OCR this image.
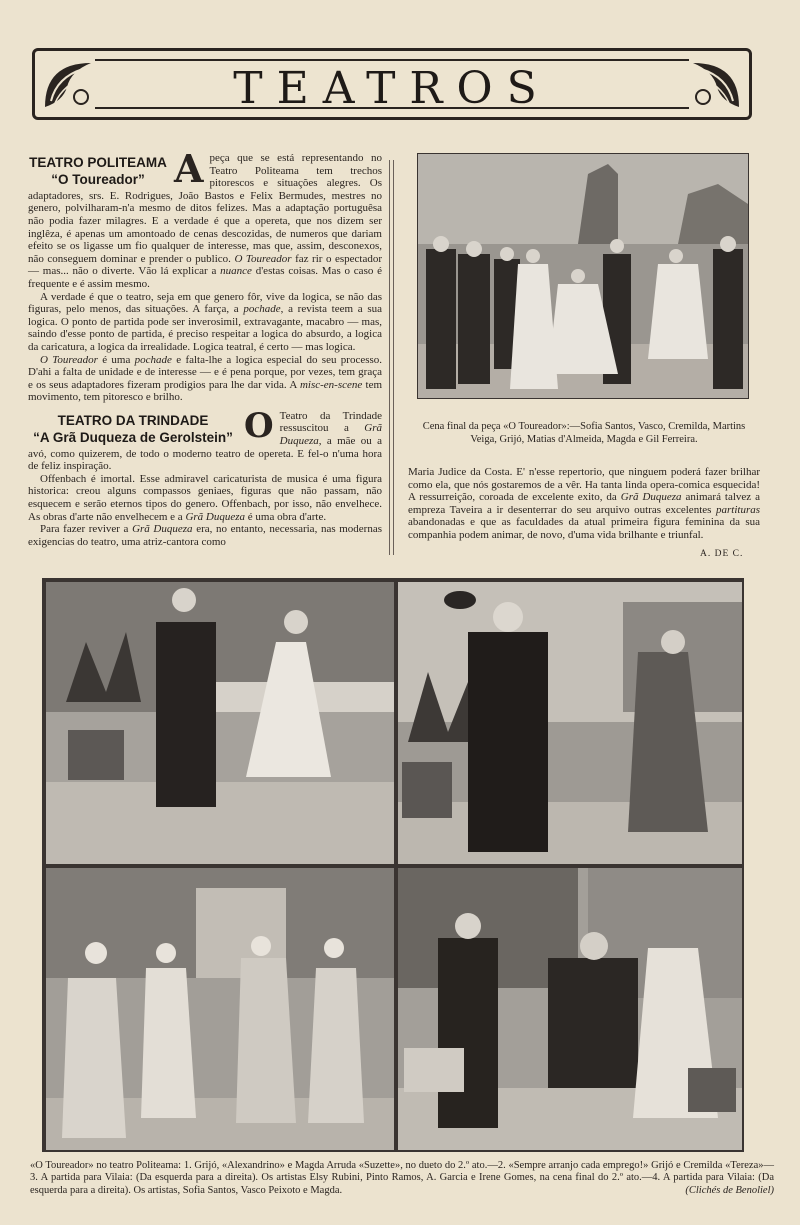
TEATROS
TEATRO POLITEAMA
“O Toureador” A peça que se está representando no Teatro Politeama tem trechos pitorescos e situações alegres. Os adaptadores, srs. E. Rodrigues, João Bastos e Felix Bermudes, mestres no genero, polvilharam-n'a mesmo de ditos felizes. Mas a adaptação portuguêsa não podia fazer milagres. E a verdade é que a opereta, que nos dizem ser inglêza, é apenas um amontoado de cenas descozidas, de numeros que dariam efeito se os ligasse um fio qualquer de interesse, mas que, assim, desconexos, não conseguem dominar e prender o publico. O Toureador faz rir o espectador — mas... não o diverte. Vão lá explicar a nuance d'estas coisas. Mas o caso é frequente e é assim mesmo.

A verdade é que o teatro, seja em que genero fôr, vive da logica, se não das figuras, pelo menos, das situações. A farça, a pochade, a revista teem a sua logica. O ponto de partida pode ser inverosimil, extravagante, macabro — mas, saindo d'esse ponto de partida, é preciso respeitar a logica do absurdo, a logica da caricatura, a logica da irrealidade. Logica teatral, é certo — mas logica.

O Toureador é uma pochade e falta-lhe a logica especial do seu processo. D'ahi a falta de unidade e de interesse — e é pena porque, por vezes, tem graça e os seus adaptadores fizeram prodigios para lhe dar vida. A misc-en-scene tem movimento, tem pitoresco e brilho.

TEATRO DA TRINDADE
“A Grã Duqueza de Gerolstein” O Teatro da Trindade ressuscitou a Grã Duqueza, a mãe ou a avó, como quizerem, de todo o moderno teatro de opereta. E fel-o n'uma hora de feliz inspiração.

Offenbach é imortal. Esse admiravel caricaturista de musica é uma figura historica: creou alguns compassos geniaes, figuras que não passam, não esquecem e serão eternos tipos do genero. Offenbach, por isso, não envelhece. As obras d'arte não envelhecem e a Grã Duqueza é uma obra d'arte.

Para fazer reviver a Grã Duqueza era, no entanto, necessaria, nas modernas exigencias do teatro, uma atriz-cantora como

Cena final da peça «O Toureador»:—Sofia Santos, Vasco, Cremilda, Martins Veiga, Grijó, Matias d'Almeida, Magda e Gil Ferreira.

Maria Judice da Costa. E' n'esse repertorio, que ninguem poderá fazer brilhar como ela, que nós gostaremos de a vêr. Ha tanta linda opera-comica esquecida! A ressurreição, coroada de excelente exito, da Grã Duqueza animará talvez a empreza Taveira a ir desenterrar do seu arquivo outras excelentes partituras abandonadas e que as faculdades da atual primeira figura feminina da sua companhia podem animar, de novo, d'uma vida brilhante e triunfal.

A. DE C.
«O Toureador» no teatro Politeama: 1. Grijó, «Alexandrino» e Magda Arruda «Suzette», no dueto do 2.º ato.—2. «Sempre arranjo cada emprego!» Grijó e Cremilda «Tereza»—3. A partida para Vilaia: (Da esquerda para a direita). Os artistas Elsy Rubini, Pinto Ramos, A. Garcia e Irene Gomes, na cena final do 2.º ato.—4. A partida para Vilaia: (Da esquerda para a direita). Os artistas, Sofia Santos, Vasco Peixoto e Magda.	(Clichés de Benoliel)
